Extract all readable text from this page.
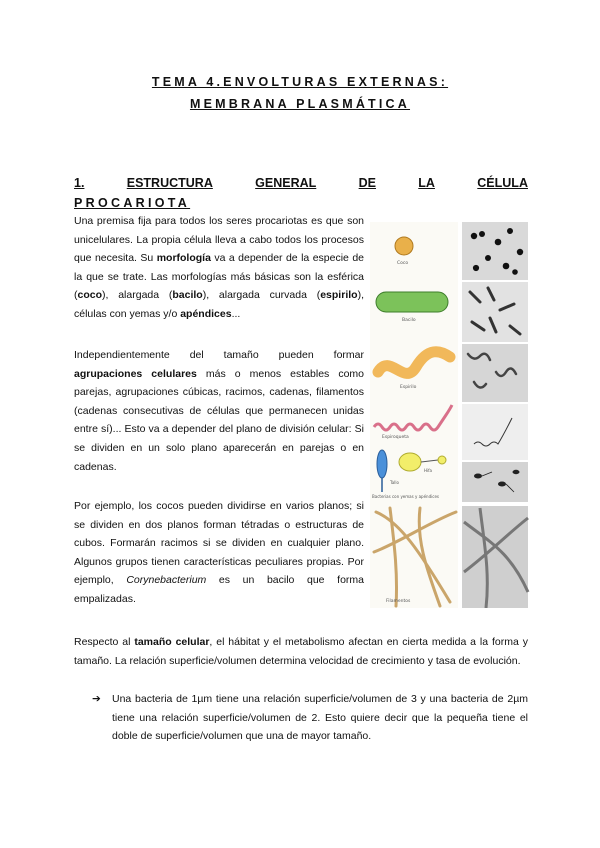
TEMA 4.ENVOLTURAS EXTERNAS:
MEMBRANA PLASMÁTICA
1.	ESTRUCTURA	GENERAL	DE	LA	CÉLULA
PROCARIOTA

Una premisa fija para todos los seres procariotas es que son unicelulares. La propia célula lleva a cabo todos los procesos que necesita. Su morfología va a depender de la especie de la que se trate. Las morfologías más básicas son la esférica (coco), alargada (bacilo), alargada curvada (espirilo), células con yemas y/o apéndices...

Independientemente del tamaño pueden formar agrupaciones celulares más o menos estables como parejas, agrupaciones cúbicas, racimos, cadenas, filamentos (cadenas consecutivas de células que permanecen unidas entre sí)... Esto va a depender del plano de división celular: Si se dividen en un solo plano aparecerán en parejas o en cadenas.

Por ejemplo, los cocos pueden dividirse en varios planos; si se dividen en dos planos forman tétradas o estructuras de cubos. Formarán racimos si se dividen en cualquier plano. Algunos grupos tienen características peculiares propias. Por ejemplo, Corynebacterium es un bacilo que forma empalizadas.

Respecto al tamaño celular, el hábitat y el metabolismo afectan en cierta medida a la forma y tamaño. La relación superficie/volumen determina velocidad de crecimiento y tasa de evolución.

➔	Una bacteria de 1µm tiene una relación superficie/volumen de 3 y una bacteria de 2µm tiene una relación superficie/volumen de 2. Esto quiere decir que la pequeña tiene el doble de superficie/volumen que una de mayor tamaño.
Coco
Bacilo
Espirilo
Espiroqueta
Tallo
Hifa
Bacterias con yemas y apéndices
Filamentos
